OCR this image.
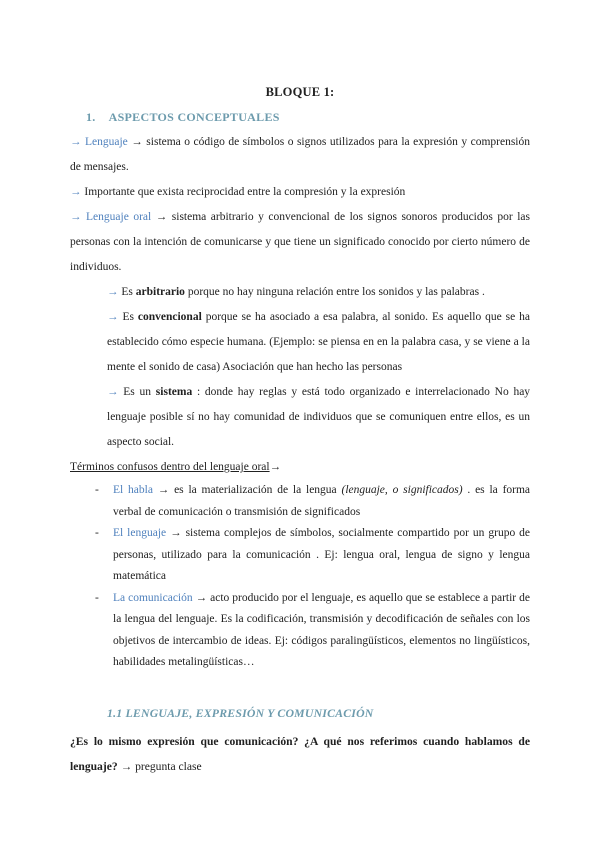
BLOQUE 1:
1. ASPECTOS CONCEPTUALES

→ Lenguaje → sistema o código de símbolos o signos utilizados para la expresión y comprensión de mensajes.

→ Importante que exista reciprocidad entre la compresión y la expresión

→ Lenguaje oral → sistema arbitrario y convencional de los signos sonoros producidos por las personas con la intención de comunicarse y que tiene un significado conocido por cierto número de individuos.

→ Es arbitrario porque no hay ninguna relación entre los sonidos y las palabras .

→ Es convencional porque se ha asociado a esa palabra, al sonido. Es aquello que se ha establecido cómo especie humana. (Ejemplo: se piensa en en la palabra casa, y se viene a la mente el sonido de casa) Asociación que han hecho las personas

→ Es un sistema : donde hay reglas y está todo organizado e interrelacionado No hay lenguaje posible sí no hay comunidad de individuos que se comuniquen entre ellos, es un aspecto social.

Términos confusos dentro del lenguaje oral→

- El habla → es la materialización de la lengua (lenguaje, o significados) . es la forma verbal de comunicación o transmisión de significados
- El lenguaje → sistema complejos de símbolos, socialmente compartido por un grupo de personas, utilizado para la comunicación . Ej: lengua oral, lengua de signo y lengua matemática
- La comunicación → acto producido por el lenguaje, es aquello que se establece a partir de la lengua del lenguaje. Es la codificación, transmisión y decodificación de señales con los objetivos de intercambio de ideas. Ej: códigos paralingüísticos, elementos no lingüísticos, habilidades metalingüísticas…
1.1 LENGUAJE, EXPRESIÓN Y COMUNICACIÓN

¿Es lo mismo expresión que comunicación? ¿A qué nos referimos cuando hablamos de lenguaje? → pregunta clase
